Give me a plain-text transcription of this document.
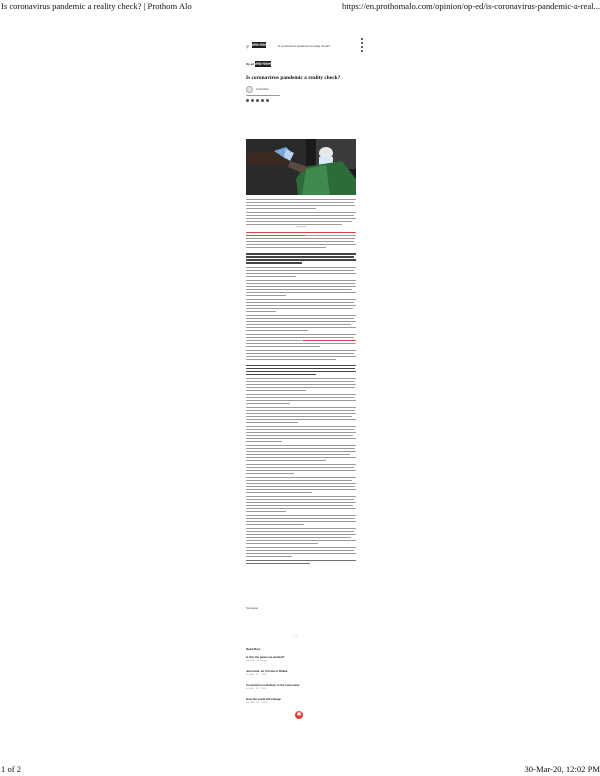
Is coronavirus pandemic a reality check? | Prothom Alo	https://en.prothomalo.com/opinion/op-ed/is-coronavirus-pandemic-a-real...
⚲ প্রথম আলো	Is coronavirus pandemic a reality check?
Op-ed প্রথম আলো
Is coronavirus pandemic a reality check?
Sofia Islam
+++++++
Newspaper
‹ ›
Read More
Is this the peace we wanted?
Sat, Mar... 30 min ago
Join hand, do it home in Dhaka
Fri, Mar... 27 ... 2020
Coronavirus lockdown in the rural areas
Fri, Mar... 27 ... 2020
How the world will change
Sat, Mar... 28 ... 2020
✱
1 of 2	30-Mar-20, 12:02 PM
